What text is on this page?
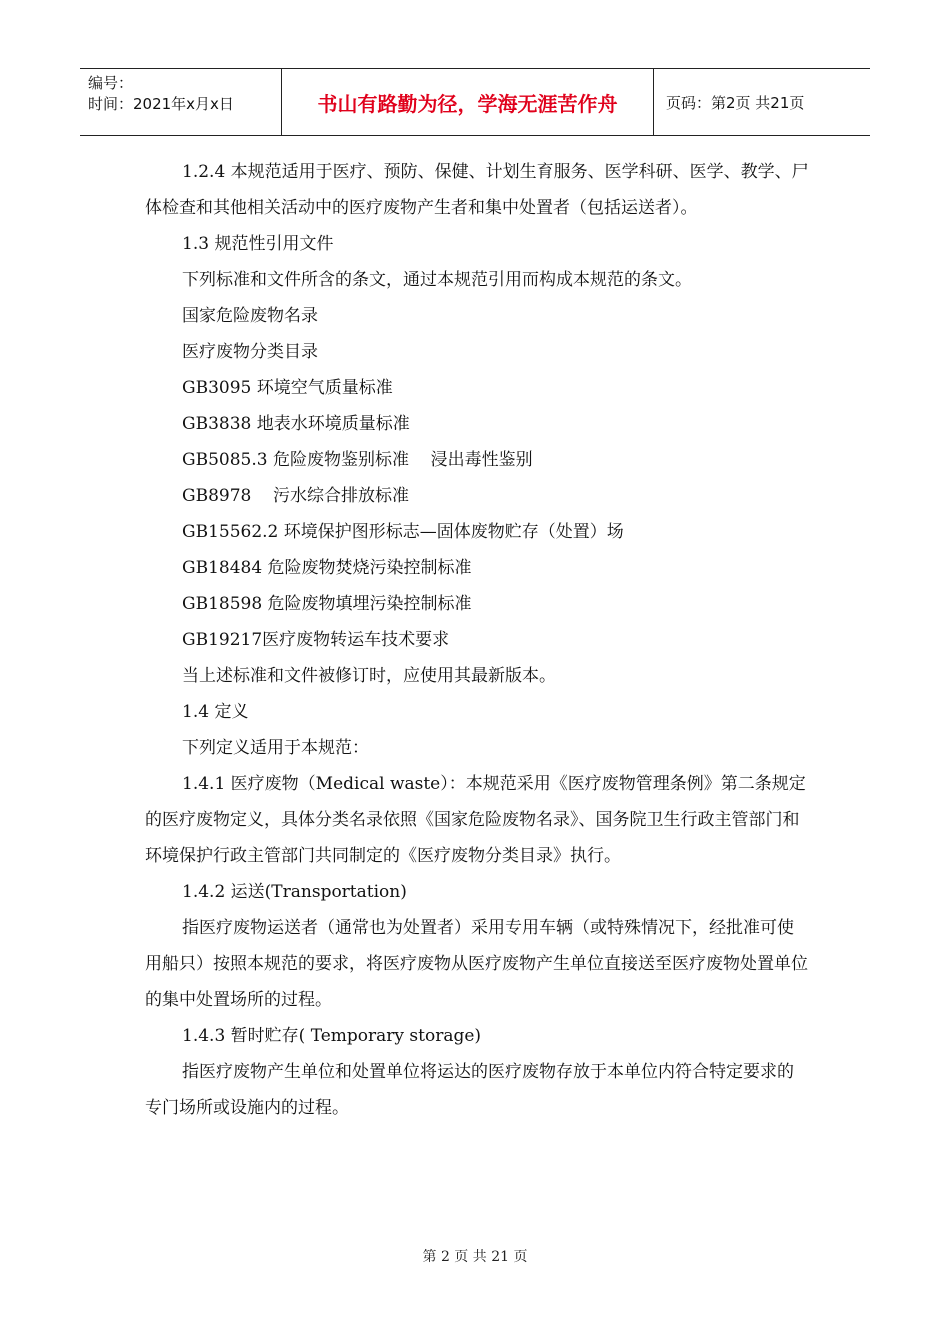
编号：
时间：2021年x月x日	书山有路勤为径，学海无涯苦作舟	页码：第2页 共21页

1.2.4 本规范适用于医疗、预防、保健、计划生育服务、医学科研、医学、教学、尸体检查和其他相关活动中的医疗废物产生者和集中处置者（包括运送者）。

1.3 规范性引用文件

下列标准和文件所含的条文，通过本规范引用而构成本规范的条文。

国家危险废物名录

医疗废物分类目录

GB3095 环境空气质量标准

GB3838 地表水环境质量标准

GB5085.3 危险废物鉴别标准    浸出毒性鉴别

GB8978    污水综合排放标准

GB15562.2 环境保护图形标志—固体废物贮存（处置）场

GB18484 危险废物焚烧污染控制标准

GB18598 危险废物填埋污染控制标准

GB19217医疗废物转运车技术要求

当上述标准和文件被修订时，应使用其最新版本。

1.4 定义

下列定义适用于本规范：

1.4.1 医疗废物（Medical waste）：本规范采用《医疗废物管理条例》第二条规定的医疗废物定义，具体分类名录依照《国家危险废物名录》、国务院卫生行政主管部门和环境保护行政主管部门共同制定的《医疗废物分类目录》执行。

1.4.2 运送(Transportation)

指医疗废物运送者（通常也为处置者）采用专用车辆（或特殊情况下，经批准可使用船只）按照本规范的要求，将医疗废物从医疗废物产生单位直接送至医疗废物处置单位的集中处置场所的过程。

1.4.3 暂时贮存( Temporary storage)

指医疗废物产生单位和处置单位将运达的医疗废物存放于本单位内符合特定要求的专门场所或设施内的过程。

第 2 页 共 21 页
